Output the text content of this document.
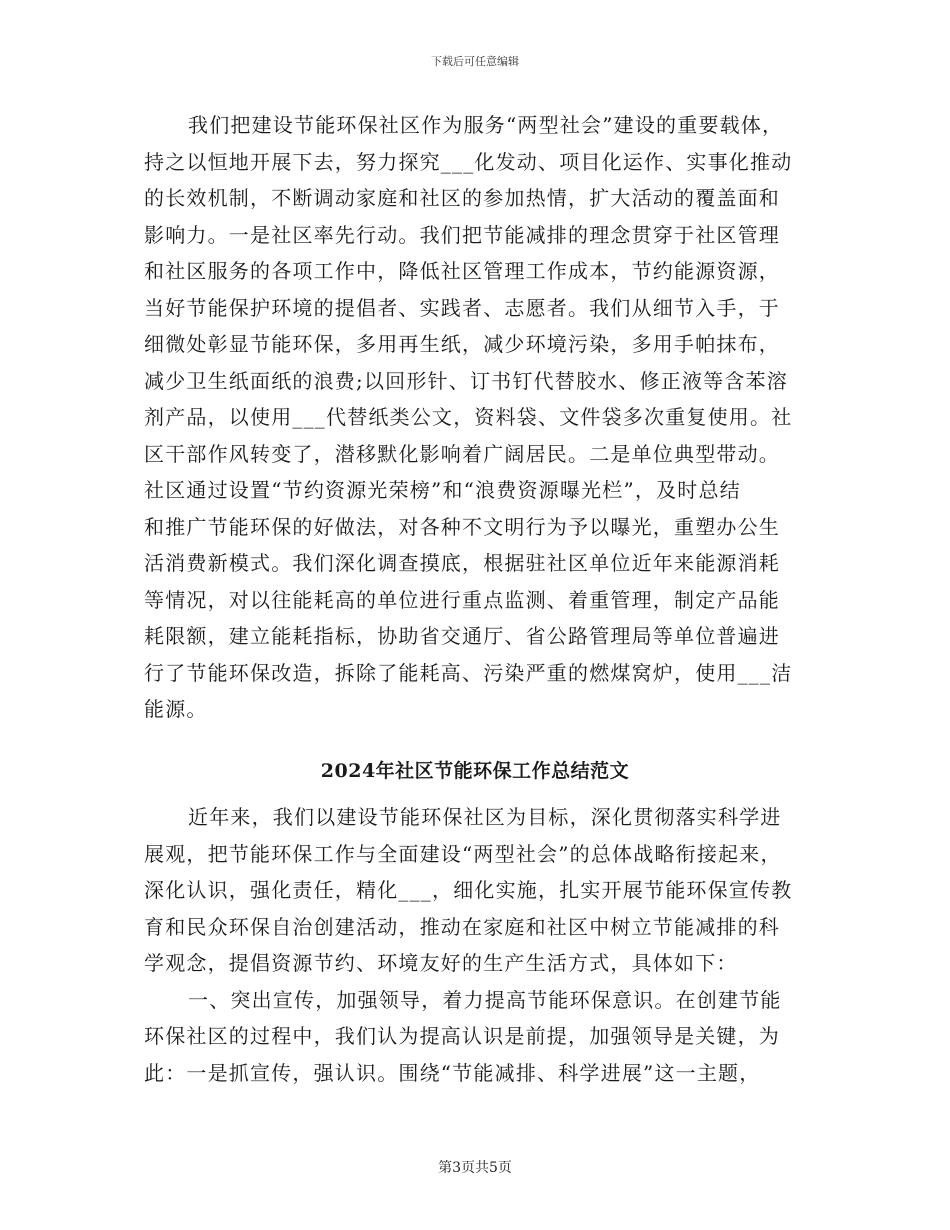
下载后可任意编辑
我们把建设节能环保社区作为服务“两型社会”建设的重要载体，
持之以恒地开展下去，努力探究___化发动、项目化运作、实事化推动
的长效机制，不断调动家庭和社区的参加热情，扩大活动的覆盖面和
影响力。一是社区率先行动。我们把节能减排的理念贯穿于社区管理
和社区服务的各项工作中，降低社区管理工作成本，节约能源资源，
当好节能保护环境的提倡者、实践者、志愿者。我们从细节入手，于
细微处彰显节能环保，多用再生纸，减少环境污染，多用手帕抹布，
减少卫生纸面纸的浪费;以回形针、订书钉代替胶水、修正液等含苯溶
剂产品，以使用___代替纸类公文，资料袋、文件袋多次重复使用。社
区干部作风转变了，潜移默化影响着广阔居民。二是单位典型带动。
社区通过设置“节约资源光荣榜”和“浪费资源曝光栏”，及时总结
和推广节能环保的好做法，对各种不文明行为予以曝光，重塑办公生
活消费新模式。我们深化调查摸底，根据驻社区单位近年来能源消耗
等情况，对以往能耗高的单位进行重点监测、着重管理，制定产品能
耗限额，建立能耗指标，协助省交通厅、省公路管理局等单位普遍进
行了节能环保改造，拆除了能耗高、污染严重的燃煤窝炉，使用___洁
能源。
2024年社区节能环保工作总结范文
近年来，我们以建设节能环保社区为目标，深化贯彻落实科学进
展观，把节能环保工作与全面建设“两型社会”的总体战略衔接起来，
深化认识，强化责任，精化___，细化实施，扎实开展节能环保宣传教
育和民众环保自治创建活动，推动在家庭和社区中树立节能减排的科
学观念，提倡资源节约、环境友好的生产生活方式，具体如下：
一、突出宣传，加强领导，着力提高节能环保意识。在创建节能
环保社区的过程中，我们认为提高认识是前提，加强领导是关键，为
此：一是抓宣传，强认识。围绕“节能减排、科学进展”这一主题，
第3页共5页
